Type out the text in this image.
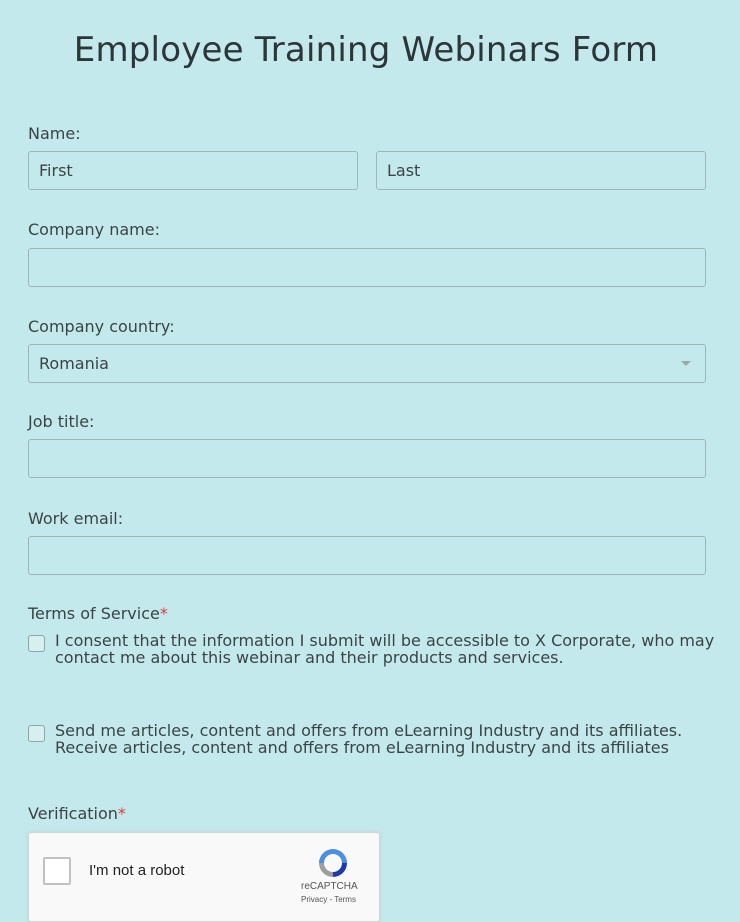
Employee Training Webinars Form
Name:
First
Last
Company name:
Company country:
Romania
Job title:
Work email:
Terms of Service*
I consent that the information I submit will be accessible to X Corporate, who may contact me about this webinar and their products and services.
Send me articles, content and offers from eLearning Industry and its affiliates. Receive articles, content and offers from eLearning Industry and its affiliates
Verification*
I'm not a robot
reCAPTCHA
Privacy - Terms
